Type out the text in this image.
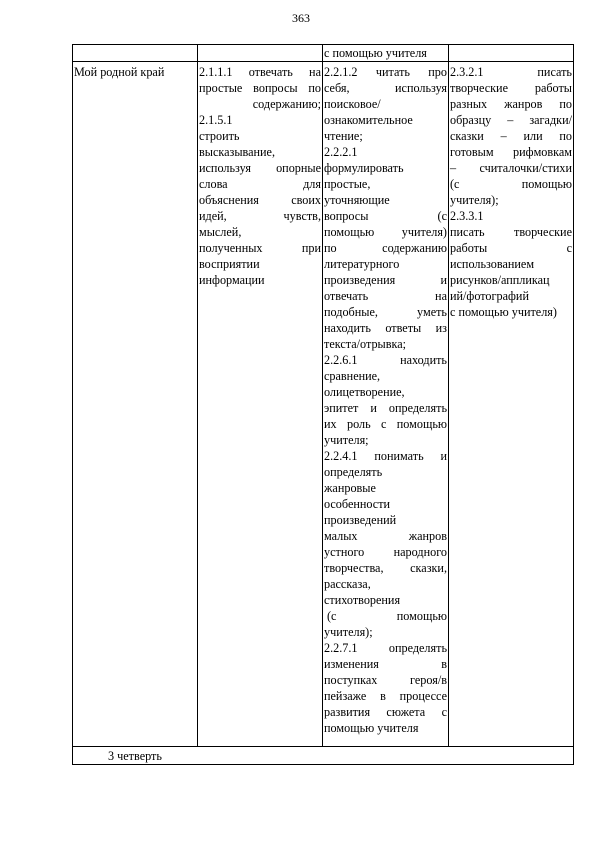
363
с помощью учителя
Мой родной край	2.1.1.1 отвечать на
простые вопросы по
содержанию;
2.1.5.1
строить
высказывание,
используя опорные
слова для
объяснения своих
идей, чувств,
мыслей,
полученных при
восприятии
информации
2.2.1.2 читать про
себя, используя
поисковое/
ознакомительное
чтение;
2.2.2.1
формулировать
простые,
уточняющие
вопросы (с
помощью учителя)
по содержанию
литературного
произведения и
отвечать на
подобные, уметь
находить ответы из
текста/отрывка;
2.2.6.1 находить
сравнение,
олицетворение,
эпитет и определять
их роль с помощью
учителя;
2.2.4.1 понимать и
определять
жанровые
особенности
произведений
малых жанров
устного народного
творчества, сказки,
рассказа,
стихотворения
(с помощью
учителя);
2.2.7.1 определять
изменения в
поступках героя/в
пейзаже в процессе
развития сюжета с
помощью учителя
2.3.2.1 писать
творческие работы
разных жанров по
образцу – загадки/
сказки – или по
готовым рифмовкам
– считалочки/стихи
(с помощью
учителя);
2.3.3.1
писать творческие
работы с
использованием
рисунков/аппликац
ий/фотографий
с помощью учителя)
3 четверть
